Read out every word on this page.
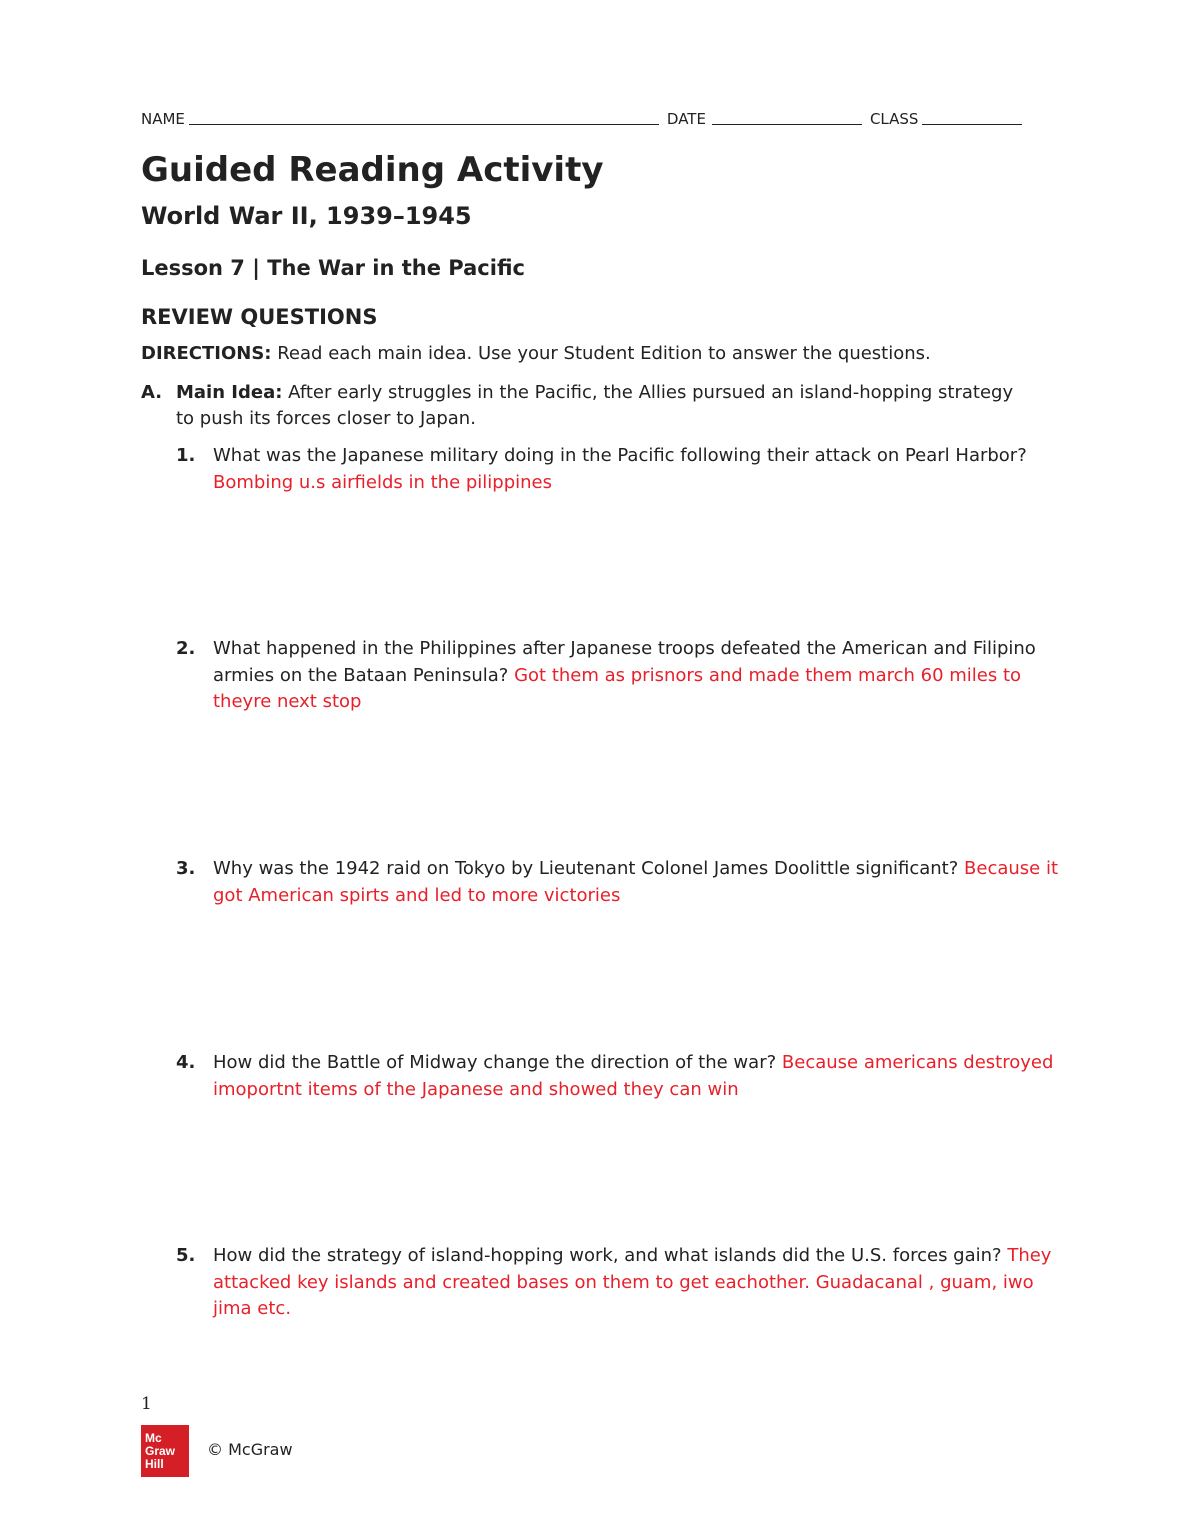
NAME	DATE	CLASS
Guided Reading Activity
World War II, 1939–1945
Lesson 7 | The War in the Pacific
REVIEW QUESTIONS
DIRECTIONS: Read each main idea. Use your Student Edition to answer the questions.
A. Main Idea: After early struggles in the Pacific, the Allies pursued an island-hopping strategy to push its forces closer to Japan.
1. What was the Japanese military doing in the Pacific following their attack on Pearl Harbor? Bombing u.s airfields in the pilippines
2. What happened in the Philippines after Japanese troops defeated the American and Filipino armies on the Bataan Peninsula? Got them as prisnors and made them march 60 miles to theyre next stop
3. Why was the 1942 raid on Tokyo by Lieutenant Colonel James Doolittle significant? Because it got American spirts and led to more victories
4. How did the Battle of Midway change the direction of the war? Because americans destroyed imoportnt items of the Japanese and showed they can win
5. How did the strategy of island-hopping work, and what islands did the U.S. forces gain? They attacked key islands and created bases on them to get eachother. Guadacanal , guam, iwo jima etc.
1
Mc
Graw
Hill
© McGraw
